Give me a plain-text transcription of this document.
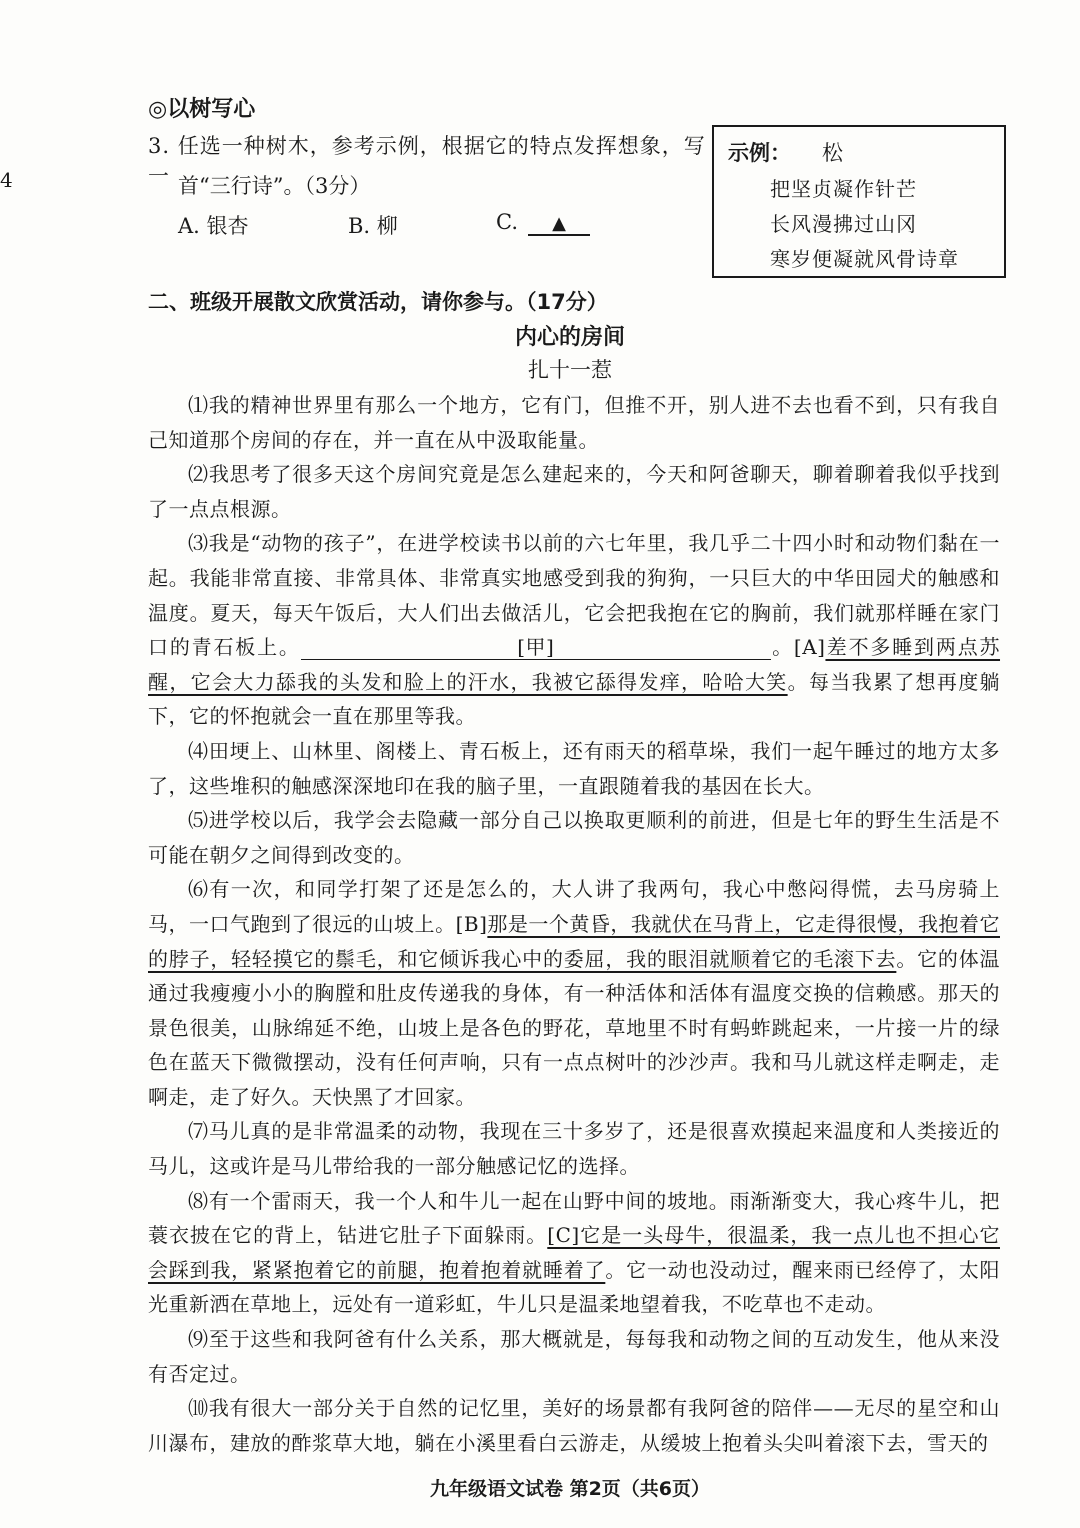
4
◎以树写心
3. 任选一种树木，参考示例，根据它的特点发挥想象，写一 首“三行诗”。（3分）
A. 银杏	B. 柳	C. ▲
示例： 松
把坚贞凝作针芒
长风漫拂过山冈
寒岁便凝就风骨诗章
二、班级开展散文欣赏活动，请你参与。（17分）
内心的房间
扎十一惹

⑴我的精神世界里有那么一个地方，它有门，但推不开，别人进不去也看不到，只有我自己知道那个房间的存在，并一直在从中汲取能量。

⑵我思考了很多天这个房间究竟是怎么建起来的，今天和阿爸聊天，聊着聊着我似乎找到了一点点根源。

⑶我是“动物的孩子”，在进学校读书以前的六七年里，我几乎二十四小时和动物们黏在一起。我能非常直接、非常具体、非常真实地感受到我的狗狗，一只巨大的中华田园犬的触感和温度。夏天，每天午饭后，大人们出去做活儿，它会把我抱在它的胸前，我们就那样睡在家门口的青石板上。	[甲]	。[A]差不多睡到两点苏醒，它会大力舔我的头发和脸上的汗水，我被它舔得发痒，哈哈大笑。每当我累了想再度躺下，它的怀抱就会一直在那里等我。

⑷田埂上、山林里、阁楼上、青石板上，还有雨天的稻草垛，我们一起午睡过的地方太多了，这些堆积的触感深深地印在我的脑子里，一直跟随着我的基因在长大。

⑸进学校以后，我学会去隐藏一部分自己以换取更顺利的前进，但是七年的野生生活是不可能在朝夕之间得到改变的。

⑹有一次，和同学打架了还是怎么的，大人讲了我两句，我心中憋闷得慌，去马房骑上马，一口气跑到了很远的山坡上。[B]那是一个黄昏，我就伏在马背上，它走得很慢，我抱着它的脖子，轻轻摸它的鬃毛，和它倾诉我心中的委屈，我的眼泪就顺着它的毛滚下去。它的体温通过我瘦瘦小小的胸膛和肚皮传递我的身体，有一种活体和活体有温度交换的信赖感。那天的景色很美，山脉绵延不绝，山坡上是各色的野花，草地里不时有蚂蚱跳起来，一片接一片的绿色在蓝天下微微摆动，没有任何声响，只有一点点树叶的沙沙声。我和马儿就这样走啊走，走啊走，走了好久。天快黑了才回家。

⑺马儿真的是非常温柔的动物，我现在三十多岁了，还是很喜欢摸起来温度和人类接近的马儿，这或许是马儿带给我的一部分触感记忆的选择。

⑻有一个雷雨天，我一个人和牛儿一起在山野中间的坡地。雨渐渐变大，我心疼牛儿，把蓑衣披在它的背上，钻进它肚子下面躲雨。[C]它是一头母牛，很温柔，我一点儿也不担心它会踩到我，紧紧抱着它的前腿，抱着抱着就睡着了。它一动也没动过，醒来雨已经停了，太阳光重新洒在草地上，远处有一道彩虹，牛儿只是温柔地望着我，不吃草也不走动。

⑼至于这些和我阿爸有什么关系，那大概就是，每每我和动物之间的互动发生，他从来没有否定过。

⑽我有很大一部分关于自然的记忆里，美好的场景都有我阿爸的陪伴——无尽的星空和山川瀑布，建放的酢浆草大地，躺在小溪里看白云游走，从缓坡上抱着头尖叫着滚下去，雪天的

九年级语文试卷 第2页（共6页）
